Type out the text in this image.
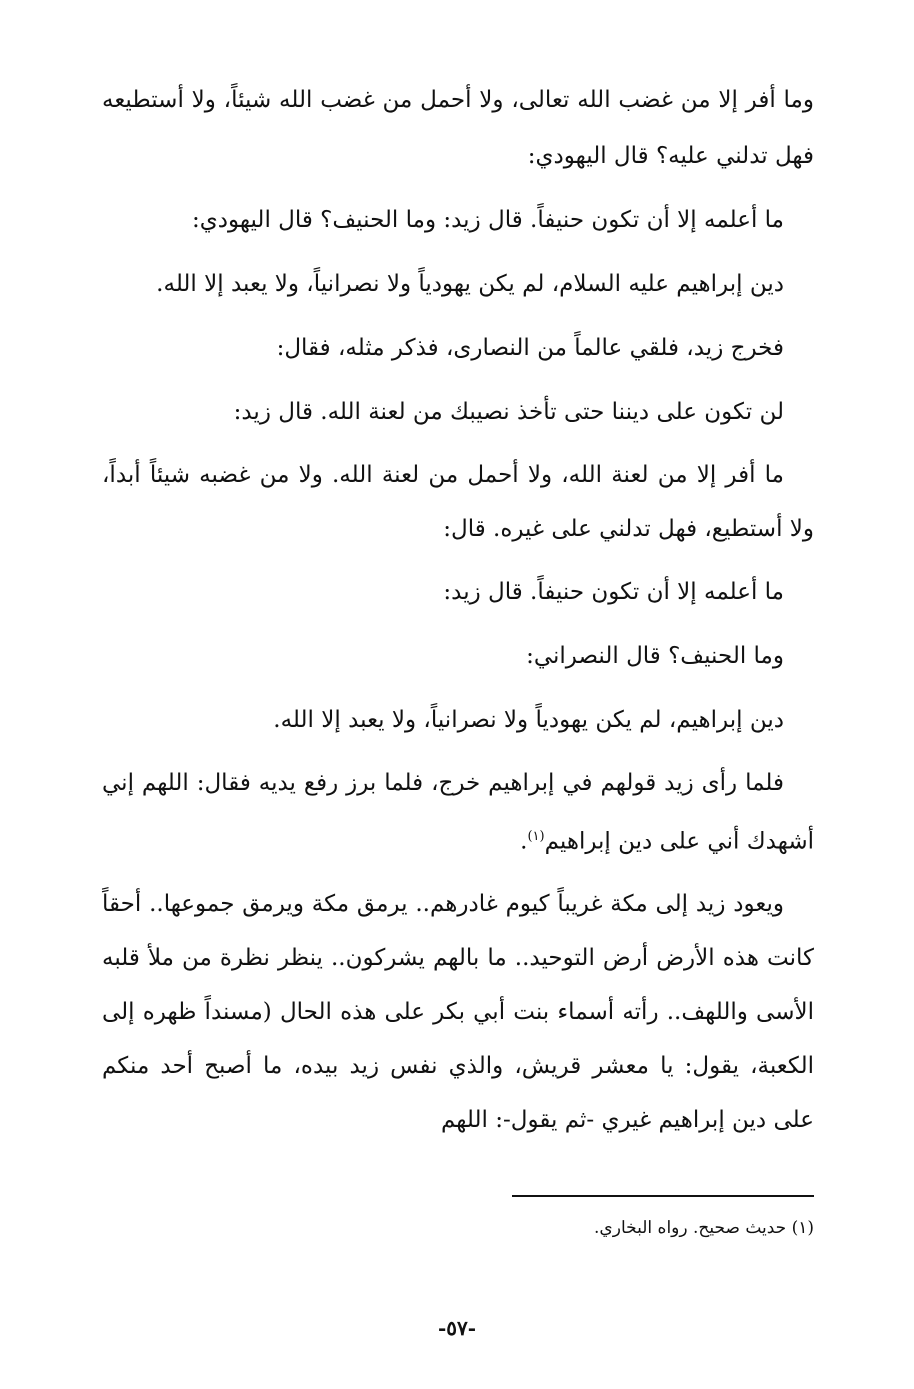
وما أفر إلا من غضب الله تعالى، ولا أحمل من غضب الله شيئاً، ولا أستطيعه فهل تدلني عليه؟ قال اليهودي:

ما أعلمه إلا أن تكون حنيفاً. قال زيد: وما الحنيف؟ قال اليهودي:

دين إبراهيم عليه السلام، لم يكن يهودياً ولا نصرانياً، ولا يعبد إلا الله.

فخرج زيد، فلقي عالماً من النصارى، فذكر مثله، فقال:

لن تكون على ديننا حتى تأخذ نصيبك من لعنة الله. قال زيد:

ما أفر إلا من لعنة الله، ولا أحمل من لعنة الله. ولا من غضبه شيئاً أبداً، ولا أستطيع، فهل تدلني على غيره. قال:

ما أعلمه إلا أن تكون حنيفاً. قال زيد:

وما الحنيف؟ قال النصراني:

دين إبراهيم، لم يكن يهودياً ولا نصرانياً، ولا يعبد إلا الله.

فلما رأى زيد قولهم في إبراهيم خرج، فلما برز رفع يديه فقال: اللهم إني أشهدك أني على دين إبراهيم$^{(١)}$.

ويعود زيد إلى مكة غريباً كيوم غادرهم.. يرمق مكة ويرمق جموعها.. أحقاً كانت هذه الأرض أرض التوحيد.. ما بالهم يشركون.. ينظر نظرة من ملأ قلبه الأسى واللهف.. رأته أسماء بنت أبي بكر على هذه الحال (مسنداً ظهره إلى الكعبة، يقول: يا معشر قريش، والذي نفس زيد بيده، ما أصبح أحد منكم على دين إبراهيم غيري -ثم يقول-: اللهم

(١) حديث صحيح. رواه البخاري.
-٥٧-
